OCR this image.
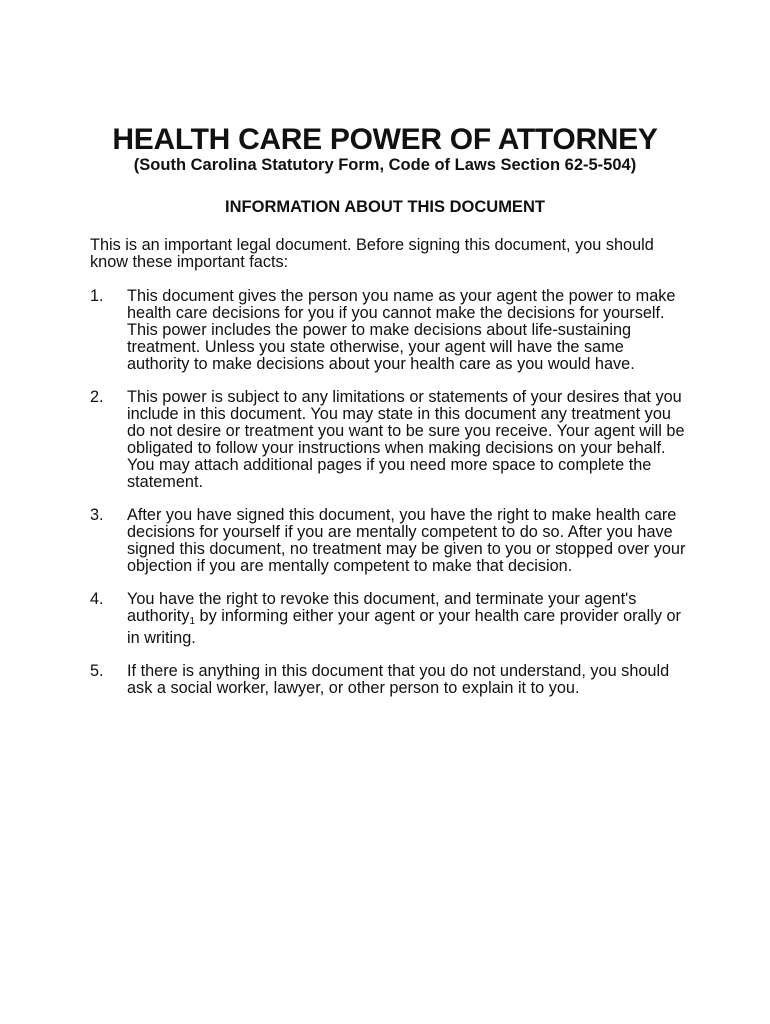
HEALTH CARE POWER OF ATTORNEY
(South Carolina Statutory Form, Code of Laws Section 62-5-504)
INFORMATION ABOUT THIS DOCUMENT

This is an important legal document. Before signing this document, you should know these important facts:

1. This document gives the person you name as your agent the power to make health care decisions for you if you cannot make the decisions for yourself. This power includes the power to make decisions about life-sustaining treatment. Unless you state otherwise, your agent will have the same authority to make decisions about your health care as you would have.
2. This power is subject to any limitations or statements of your desires that you include in this document. You may state in this document any treatment you do not desire or treatment you want to be sure you receive. Your agent will be obligated to follow your instructions when making decisions on your behalf. You may attach additional pages if you need more space to complete the statement.
3. After you have signed this document, you have the right to make health care decisions for yourself if you are mentally competent to do so. After you have signed this document, no treatment may be given to you or stopped over your objection if you are mentally competent to make that decision.
4. You have the right to revoke this document, and terminate your agent's authority$_1$ by informing either your agent or your health care provider orally or in writing.
5. If there is anything in this document that you do not understand, you should ask a social worker, lawyer, or other person to explain it to you.
